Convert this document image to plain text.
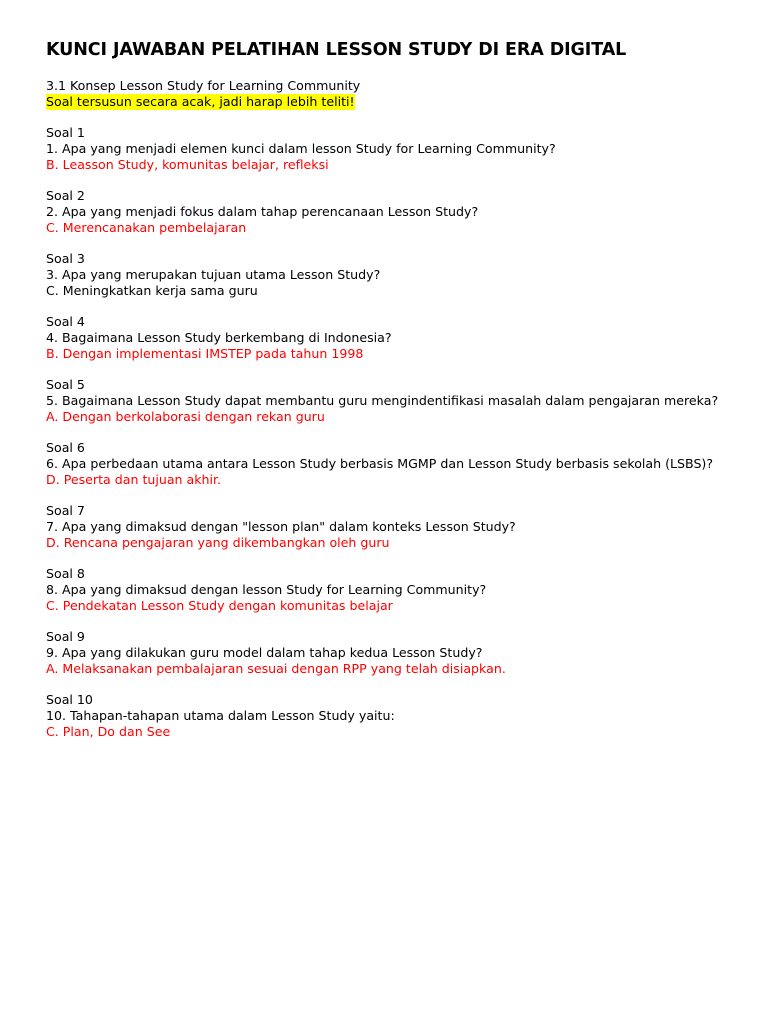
KUNCI JAWABAN PELATIHAN LESSON STUDY DI ERA DIGITAL
3.1 Konsep Lesson Study for Learning Community
Soal tersusun secara acak, jadi harap lebih teliti!
Soal 1
1. Apa yang menjadi elemen kunci dalam lesson Study for Learning Community?
B. Leasson Study, komunitas belajar, refleksi
Soal 2
2. Apa yang menjadi fokus dalam tahap perencanaan Lesson Study?
C. Merencanakan pembelajaran
Soal 3
3. Apa yang merupakan tujuan utama Lesson Study?
C. Meningkatkan kerja sama guru
Soal 4
4. Bagaimana Lesson Study berkembang di Indonesia?
B. Dengan implementasi IMSTEP pada tahun 1998
Soal 5
5. Bagaimana Lesson Study dapat membantu guru mengindentifikasi masalah dalam pengajaran mereka?
A. Dengan berkolaborasi dengan rekan guru
Soal 6
6. Apa perbedaan utama antara Lesson Study berbasis MGMP dan Lesson Study berbasis sekolah (LSBS)?
D. Peserta dan tujuan akhir.
Soal 7
7. Apa yang dimaksud dengan "lesson plan" dalam konteks Lesson Study?
D. Rencana pengajaran yang dikembangkan oleh guru
Soal 8
8. Apa yang dimaksud dengan lesson Study for Learning Community?
C. Pendekatan Lesson Study dengan komunitas belajar
Soal 9
9. Apa yang dilakukan guru model dalam tahap kedua Lesson Study?
A. Melaksanakan pembalajaran sesuai dengan RPP yang telah disiapkan.
Soal 10
10. Tahapan-tahapan utama dalam Lesson Study yaitu:
C. Plan, Do dan See
